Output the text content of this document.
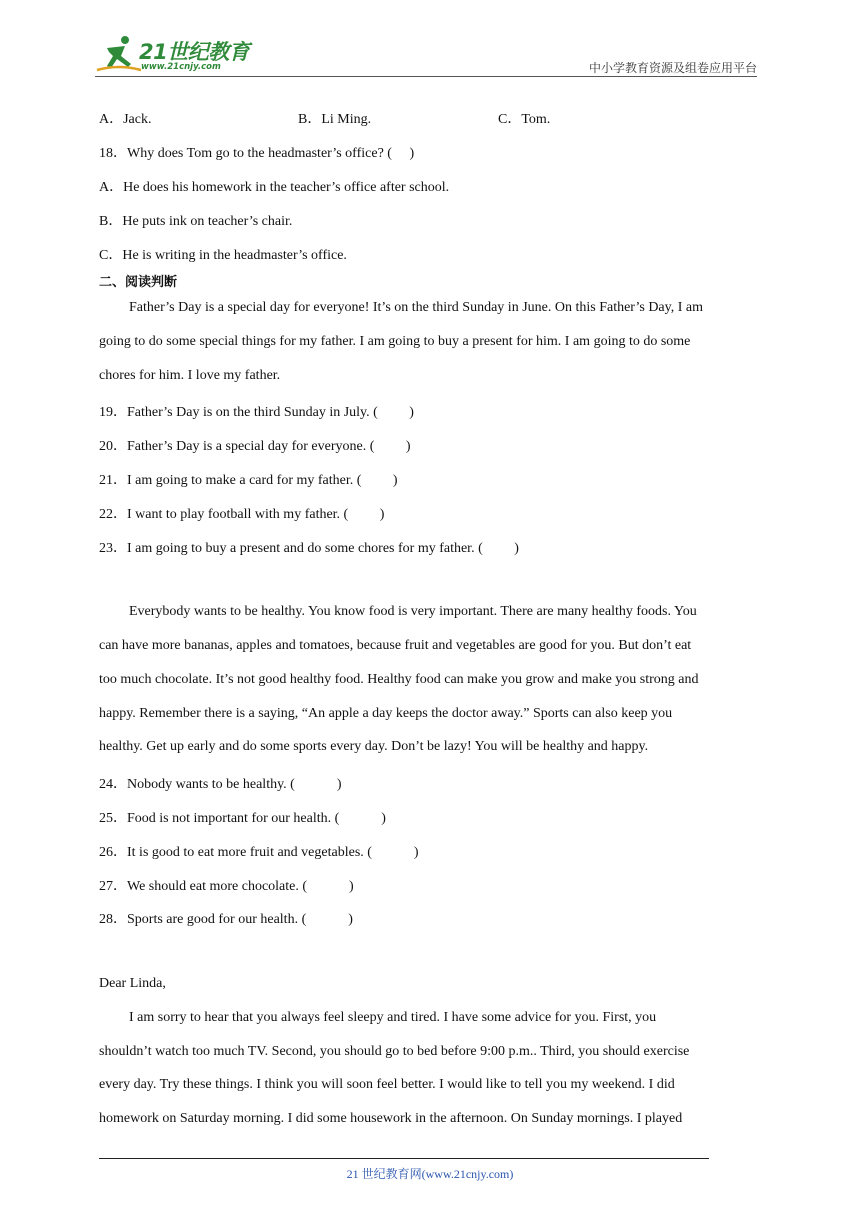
21世纪教育
www.21cnjy.com	中小学教育资源及组卷应用平台
A．Jack.	B．Li Ming.	C．Tom.
18．Why does Tom go to the headmaster’s office? (　 )
A．He does his homework in the teacher’s office after school.
B．He puts ink on teacher’s chair.
C．He is writing in the headmaster’s office.
二、阅读判断
Father’s Day is a special day for everyone! It’s on the third Sunday in June. On this Father’s Day, I am
going to do some special things for my father. I am going to buy a present for him. I am going to do some
chores for him. I love my father.
19．Father’s Day is on the third Sunday in July. (　　 )
20．Father’s Day is a special day for everyone. (　　 )
21．I am going to make a card for my father. (　　 )
22．I want to play football with my father. (　　 )
23．I am going to buy a present and do some chores for my father. (　　 )
Everybody wants to be healthy. You know food is very important. There are many healthy foods. You
can have more bananas, apples and tomatoes, because fruit and vegetables are good for you. But don’t eat
too much chocolate. It’s not good healthy food. Healthy food can make you grow and make you strong and
happy. Remember there is a saying, “An apple a day keeps the doctor away.” Sports can also keep you
healthy. Get up early and do some sports every day. Don’t be lazy! You will be healthy and happy.
24．Nobody wants to be healthy. (　　　)
25．Food is not important for our health. (　　　)
26．It is good to eat more fruit and vegetables. (　　　)
27．We should eat more chocolate. (　　　)
28．Sports are good for our health. (　　　)
Dear Linda,
I am sorry to hear that you always feel sleepy and tired. I have some advice for you. First, you
shouldn’t watch too much TV. Second, you should go to bed before 9:00 p.m.. Third, you should exercise
every day. Try these things. I think you will soon feel better. I would like to tell you my weekend. I did
homework on Saturday morning. I did some housework in the afternoon. On Sunday mornings. I played
21 世纪教育网(www.21cnjy.com)
